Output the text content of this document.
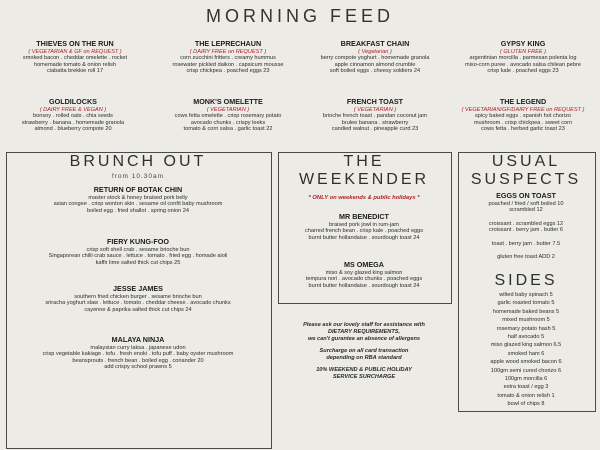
MORNING FEED
THIEVES ON THE RUN
( VEGETARIAN & GF on REQUEST )
smoked bacon . cheddar omelette . rocket
homemade tomato & onion relish
ciabatta brekkie roll 17
THE LEPRECHAUN
( DAIRY FREE on REQUEST )
corn zucchini fritters . creamy hummus
rosewater pickled daikon . capsicum mousse
crisp chickpea . poached eggs 23
BREAKFAST CHAIN
( Vegetarian )
berry compote yoghurt . homemade granola
apple cinnamon almond crumble
soft boiled eggs . cheesy soldiers 24
GYPSY KING
( GLUTEN FREE )
argentinian morcilla . parmesan polenta log
miso-corn puree . avocado salsa chilean pebre
crisp kale . poached eggs 23
GOLDILOCKS
( DAIRY FREE & VEGAN )
bonsoy . rolled oats . chia seeds
strawberry . banana . homemade granola
almond . blueberry compote 20
MONK'S OMELETTE
( VEGETARIAN )
cows fetta omelette . crisp rosemary potato
avocado chunks . crispy leeks
tomato & corn salsa . garlic toast 22
FRENCH TOAST
( VEGETARIAN )
brioche french toast . pandan coconut jam
brulee banana . strawberry
candied walnut . pineapple curd 23
THE LEGEND
( VEGETARIAN/GF/DAIRY FREE on REQUEST )
spicy baked eggs . spanish hot chorizo
mushroom . crisp chickpea . sweet corn
cows fetta . herbed garlic toast 23
BRUNCH OUT
from 10.30am
RETURN OF BOTAK CHIN
master stock & honey braised pork belly
asian congee . crisp wonton skin . sesame oil confit baby mushroom
boiled egg . fried shallot . spring onion 24
FIERY KUNG-FOO
crisp soft shell crab . sesame brioche bun
Singaporean chilli crab sauce . lettuce . tomato . fried egg . homade aioli
kaffir lime salted thick cut chips 25
JESSE JAMES
southern fried chicken burger . sesame brioche bun
sriracha yoghurt slaw . lettuce . tomato . cheddar cheese . avocado chunks
cayenne & paprika salted thick cut chips 24
MALAYA NINJA
malaysian curry laksa . japanese udon
crisp vegetable kakiage . tofu . fresh enoki . tofu puff . baby oyster mushroom
beansprouts . french bean . boiled egg . coriander 20
add crispy school prawns 5
THE
WEEKENDER
* ONLY on weekends & public holidays *
MR BENEDICT
braised pork jowl in rum-jam
charred french bean . crisp kale . poached eggs
burnt butter hollandaise . sourdough toast 24
MS OMEGA
miso & soy glazed king salmon
tempura nori . avocado chunks . poached eggs
burnt butter hollandaise . sourdough toast 24
Please ask our lovely staff for assistance with
DIETARY REQUIREMENTS,
we can't gurantee an absence of allergens
Surcharge on all card transaction
depending on RBA standard
10% WEEKEND & PUBLIC HOLIDAY
SERVICE SURCHARGE
USUAL
SUSPECTS
EGGS ON TOAST
poached / fried / soft boiled 10
scrambled 12
croissant . scrambled eggs 12
croissant . berry jam . butter 6
toast . berry jam . butter 7.5
gluten free toast ADD 2
SIDES
wilted baby spinach 5
garlic roasted tomato 5
homemade baked beans 5
mixed mushroom 5
rosemary potato hash 5
half avocado 5
miso glazed king salmon 6.5
smoked ham 6
apple wood smoked bacon 6
100gm semi cured chorizo 6
100gm morcilla 6
extra toast / egg 3
tomato & onion relish 1
bowl of chips 8
